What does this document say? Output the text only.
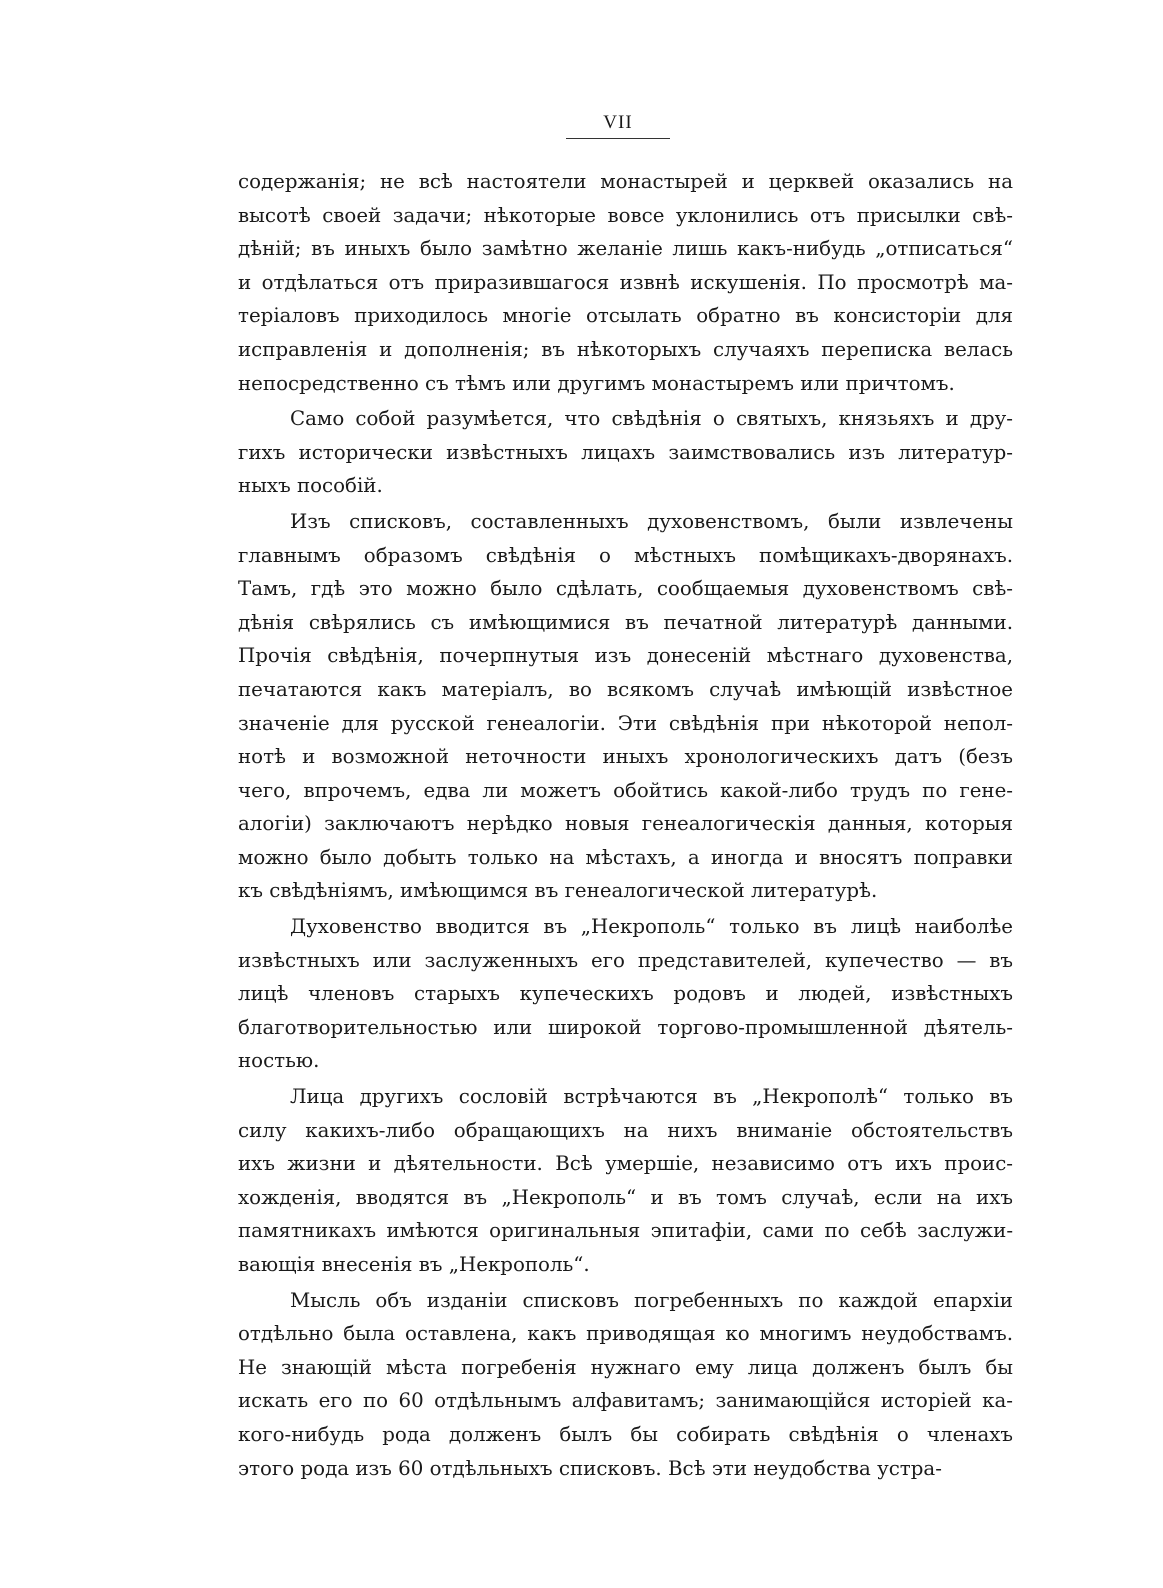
VII
содержанія; не всѣ настоятели монастырей и церквей оказались на
высотѣ своей задачи; нѣкоторые вовсе уклонились отъ присылки свѣ-
дѣній; въ иныхъ было замѣтно желаніе лишь какъ-нибудь „отписаться“
и отдѣлаться отъ приразившагося извнѣ искушенія. По просмотрѣ ма-
теріаловъ приходилось многіе отсылать обратно въ консисторіи для
исправленія и дополненія; въ нѣкоторыхъ случаяхъ переписка велась
непосредственно съ тѣмъ или другимъ монастыремъ или причтомъ.
Само собой разумѣется, что свѣдѣнія о святыхъ, князьяхъ и дру-
гихъ исторически извѣстныхъ лицахъ заимствовались изъ литератур-
ныхъ пособій.
Изъ списковъ, составленныхъ духовенствомъ, были извлечены
главнымъ образомъ свѣдѣнія о мѣстныхъ помѣщикахъ-дворянахъ.
Тамъ, гдѣ это можно было сдѣлать, сообщаемыя духовенствомъ свѣ-
дѣнія свѣрялись съ имѣющимися въ печатной литературѣ данными.
Прочія свѣдѣнія, почерпнутыя изъ донесеній мѣстнаго духовенства,
печатаются какъ матеріалъ, во всякомъ случаѣ имѣющій извѣстное
значеніе для русской генеалогіи. Эти свѣдѣнія при нѣкоторой непол-
нотѣ и возможной неточности иныхъ хронологическихъ датъ (безъ
чего, впрочемъ, едва ли можетъ обойтись какой-либо трудъ по гене-
алогіи) заключаютъ нерѣдко новыя генеалогическія данныя, которыя
можно было добыть только на мѣстахъ, а иногда и вносятъ поправки
къ свѣдѣніямъ, имѣющимся въ генеалогической литературѣ.
Духовенство вводится въ „Некрополь“ только въ лицѣ наиболѣе
извѣстныхъ или заслуженныхъ его представителей, купечество — въ
лицѣ членовъ старыхъ купеческихъ родовъ и людей, извѣстныхъ
благотворительностью или широкой торгово-промышленной дѣятель-
ностью.
Лица другихъ сословій встрѣчаются въ „Некрополѣ“ только въ
силу какихъ-либо обращающихъ на нихъ вниманіе обстоятельствъ
ихъ жизни и дѣятельности. Всѣ умершіе, независимо отъ ихъ проис-
хожденія, вводятся въ „Некрополь“ и въ томъ случаѣ, если на ихъ
памятникахъ имѣются оригинальныя эпитафіи, сами по себѣ заслужи-
вающія внесенія въ „Некрополь“.
Мысль объ изданіи списковъ погребенныхъ по каждой епархіи
отдѣльно была оставлена, какъ приводящая ко многимъ неудобствамъ.
Не знающій мѣста погребенія нужнаго ему лица долженъ былъ бы
искать его по 60 отдѣльнымъ алфавитамъ; занимающійся исторіей ка-
кого-нибудь рода долженъ былъ бы собирать свѣдѣнія о членахъ
этого рода изъ 60 отдѣльныхъ списковъ. Всѣ эти неудобства устра-
